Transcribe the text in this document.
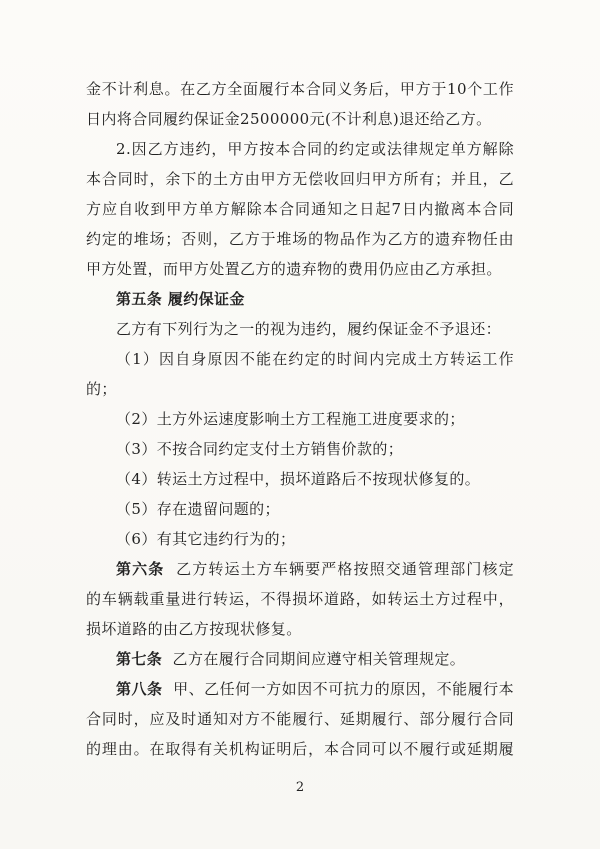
金不计利息。在乙方全面履行本合同义务后，甲方于10个工作
日内将合同履约保证金2500000元(不计利息)退还给乙方。
2.因乙方违约，甲方按本合同的约定或法律规定单方解除
本合同时，余下的土方由甲方无偿收回归甲方所有；并且，乙
方应自收到甲方单方解除本合同通知之日起7日内撤离本合同
约定的堆场；否则，乙方于堆场的物品作为乙方的遗弃物任由
甲方处置，而甲方处置乙方的遗弃物的费用仍应由乙方承担。
第五条 履约保证金
乙方有下列行为之一的视为违约，履约保证金不予退还：
（1）因自身原因不能在约定的时间内完成土方转运工作
的；
（2）土方外运速度影响土方工程施工进度要求的；
（3）不按合同约定支付土方销售价款的；
（4）转运土方过程中，损坏道路后不按现状修复的。
（5）存在遗留问题的；
（6）有其它违约行为的；
第六条 乙方转运土方车辆要严格按照交通管理部门核定
的车辆载重量进行转运，不得损坏道路，如转运土方过程中，
损坏道路的由乙方按现状修复。
第七条 乙方在履行合同期间应遵守相关管理规定。
第八条 甲、乙任何一方如因不可抗力的原因，不能履行本
合同时，应及时通知对方不能履行、延期履行、部分履行合同
的理由。在取得有关机构证明后，本合同可以不履行或延期履
2
